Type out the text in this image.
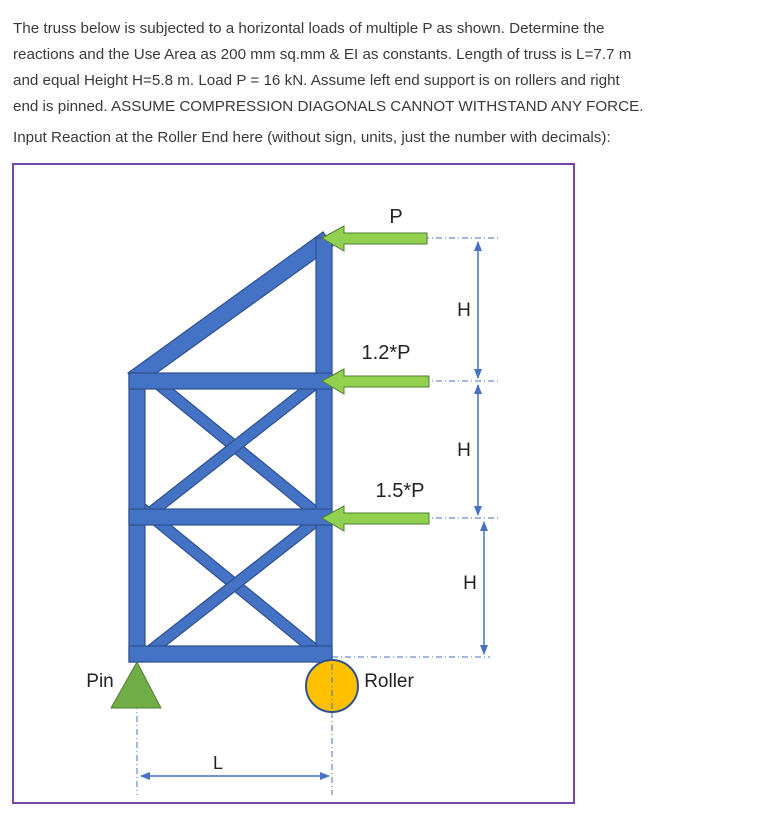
The truss below is subjected to a horizontal loads of multiple P as shown. Determine the
reactions and the Use Area as 200 mm sq.mm & EI as constants. Length of truss is L=7.7 m
and equal Height H=5.8 m. Load P = 16 kN. Assume left end support is on rollers and right
end is pinned. ASSUME COMPRESSION DIAGONALS CANNOT WITHSTAND ANY FORCE.
Input Reaction at the Roller End here (without sign, units, just the number with decimals):
P
1.2*P
1.5*P
H
H
H
Pin	Roller
L
